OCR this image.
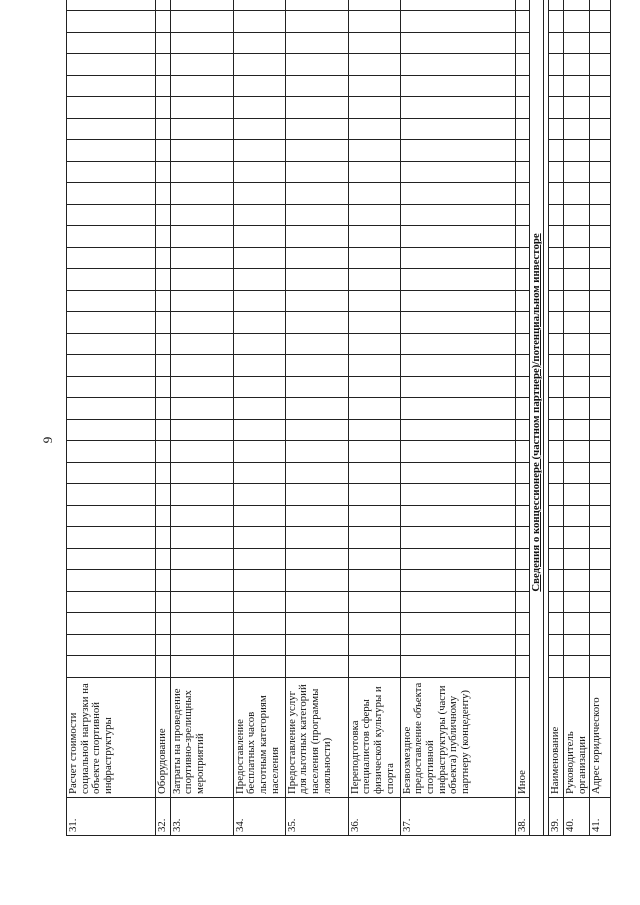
9
31.	Расчет стоимости социальной нагрузки на объекте спортивной инфраструктуры																																
32.	Оборудование																																
33.	Затраты на проведение спортивно-зрелищных мероприятий																																
34.	Предоставление бесплатных часов льготным категориям населения																																
35.	Предоставление услуг для льготных категорий населения (программы лояльности)																																
36.	Переподготовка специалистов сферы физической культуры и спорта																																
37.	Безвозмездное предоставление объекта спортивной инфраструктуры (части объекта) публичному партнеру (концеденту)																																
38.	Иное																																
Сведения о концессионере (частном партнере)/потенциальном инвесторе																																	

39.	Наименование																																
40.	Руководитель организации																																
41.	Адрес юридического																																
